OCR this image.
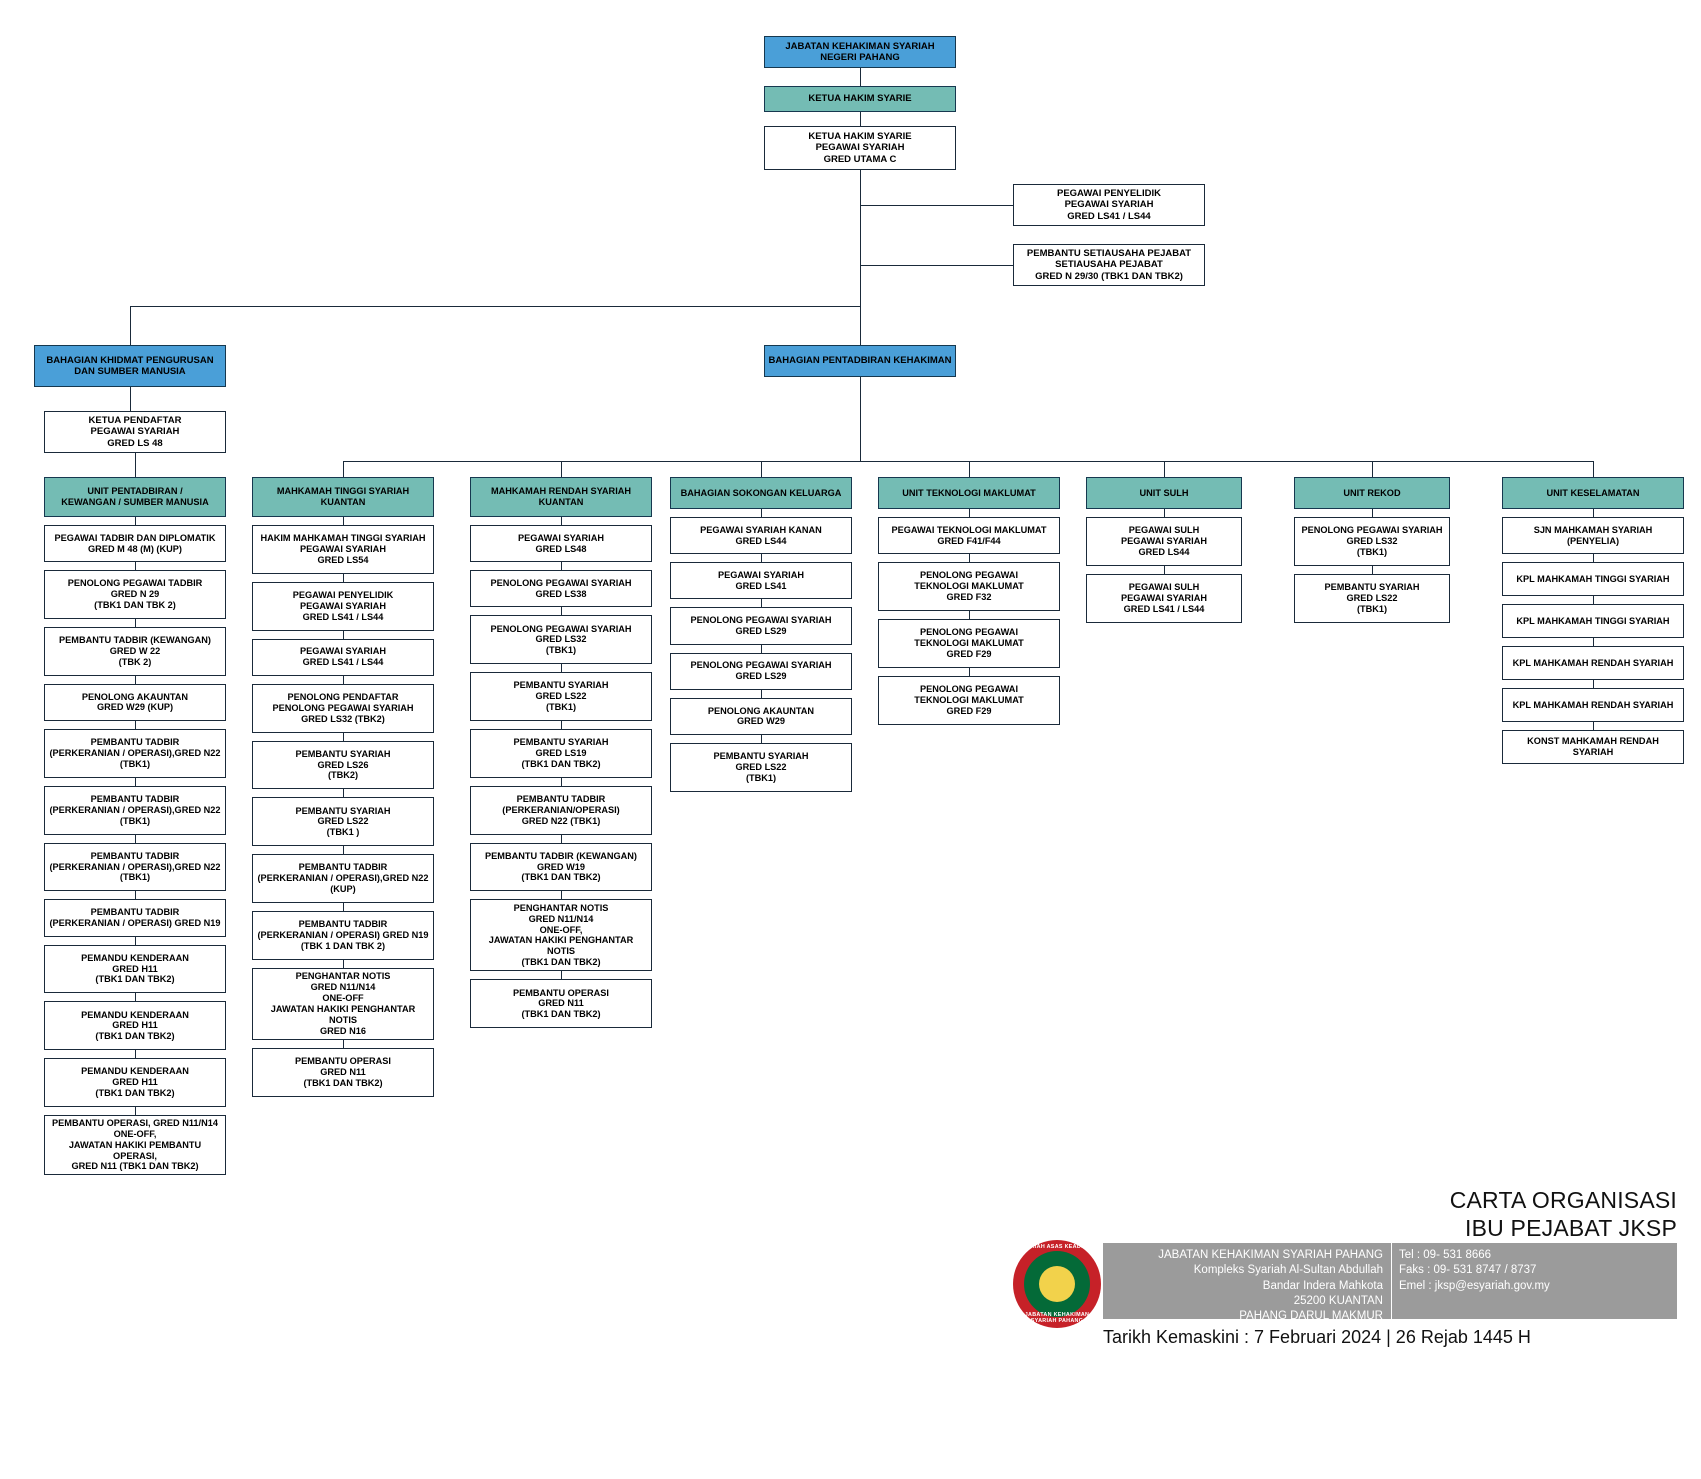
JABATAN KEHAKIMAN SYARIAH
NEGERI PAHANG
KETUA HAKIM SYARIE
KETUA HAKIM SYARIE
PEGAWAI SYARIAH
GRED UTAMA C
PEGAWAI PENYELIDIK
PEGAWAI SYARIAH
GRED LS41 / LS44
PEMBANTU SETIAUSAHA PEJABAT
SETIAUSAHA PEJABAT
GRED N 29/30 (TBK1 DAN TBK2)
BAHAGIAN KHIDMAT PENGURUSAN
DAN SUMBER MANUSIA
BAHAGIAN PENTADBIRAN KEHAKIMAN
KETUA PENDAFTAR
PEGAWAI SYARIAH
GRED LS 48
UNIT PENTADBIRAN /
KEWANGAN / SUMBER MANUSIA
PEGAWAI TADBIR DAN DIPLOMATIK
GRED M 48 (M) (KUP)
PENOLONG PEGAWAI TADBIR
GRED N 29
(TBK1 DAN TBK 2)
PEMBANTU TADBIR (KEWANGAN)
GRED W 22
(TBK 2)
PENOLONG AKAUNTAN
GRED W29 (KUP)
PEMBANTU TADBIR
(PERKERANIAN / OPERASI),GRED N22
(TBK1)
PEMBANTU TADBIR
(PERKERANIAN / OPERASI),GRED N22
(TBK1)
PEMBANTU TADBIR
(PERKERANIAN / OPERASI),GRED N22
(TBK1)
PEMBANTU TADBIR
(PERKERANIAN / OPERASI) GRED N19
PEMANDU KENDERAAN
GRED H11
(TBK1 DAN TBK2)
PEMANDU KENDERAAN
GRED H11
(TBK1 DAN TBK2)
PEMANDU KENDERAAN
GRED H11
(TBK1 DAN TBK2)
PEMBANTU OPERASI, GRED N11/N14
ONE-OFF,
JAWATAN HAKIKI PEMBANTU OPERASI,
GRED N11 (TBK1 DAN TBK2)
MAHKAMAH TINGGI SYARIAH
KUANTAN
HAKIM MAHKAMAH TINGGI SYARIAH
PEGAWAI SYARIAH
GRED LS54
PEGAWAI PENYELIDIK
PEGAWAI SYARIAH
GRED LS41 / LS44
PEGAWAI SYARIAH
GRED LS41 / LS44
PENOLONG PENDAFTAR
PENOLONG PEGAWAI SYARIAH
GRED LS32 (TBK2)
PEMBANTU SYARIAH
GRED LS26
(TBK2)
PEMBANTU SYARIAH
GRED LS22
(TBK1 )
PEMBANTU TADBIR
(PERKERANIAN / OPERASI),GRED N22
(KUP)
PEMBANTU TADBIR
(PERKERANIAN / OPERASI) GRED N19
(TBK 1 DAN TBK 2)
PENGHANTAR NOTIS
GRED N11/N14
ONE-OFF
JAWATAN HAKIKI PENGHANTAR NOTIS
GRED N16
PEMBANTU OPERASI
GRED N11
(TBK1 DAN TBK2)
MAHKAMAH RENDAH SYARIAH
KUANTAN
PEGAWAI SYARIAH
GRED LS48
PENOLONG PEGAWAI SYARIAH
GRED LS38
PENOLONG PEGAWAI SYARIAH
GRED LS32
(TBK1)
PEMBANTU SYARIAH
GRED LS22
(TBK1)
PEMBANTU SYARIAH
GRED LS19
(TBK1 DAN TBK2)
PEMBANTU TADBIR
(PERKERANIAN/OPERASI)
GRED N22 (TBK1)
PEMBANTU TADBIR (KEWANGAN)
GRED W19
(TBK1 DAN TBK2)
PENGHANTAR NOTIS
GRED N11/N14
ONE-OFF,
JAWATAN HAKIKI PENGHANTAR NOTIS
(TBK1 DAN TBK2)
PEMBANTU OPERASI
GRED N11
(TBK1 DAN TBK2)
BAHAGIAN SOKONGAN KELUARGA
PEGAWAI SYARIAH KANAN
GRED LS44
PEGAWAI SYARIAH
GRED LS41
PENOLONG PEGAWAI SYARIAH
GRED LS29
PENOLONG PEGAWAI SYARIAH
GRED LS29
PENOLONG AKAUNTAN
GRED W29
PEMBANTU SYARIAH
GRED LS22
(TBK1)
UNIT TEKNOLOGI MAKLUMAT
PEGAWAI TEKNOLOGI MAKLUMAT
GRED F41/F44
PENOLONG PEGAWAI
TEKNOLOGI MAKLUMAT
GRED F32
PENOLONG PEGAWAI
TEKNOLOGI MAKLUMAT
GRED F29
PENOLONG PEGAWAI
TEKNOLOGI MAKLUMAT
GRED F29
UNIT SULH
PEGAWAI SULH
PEGAWAI SYARIAH
GRED LS44
PEGAWAI SULH
PEGAWAI SYARIAH
GRED LS41 / LS44
UNIT REKOD
PENOLONG PEGAWAI SYARIAH
GRED LS32
(TBK1)
PEMBANTU SYARIAH
GRED LS22
(TBK1)
UNIT KESELAMATAN
SJN MAHKAMAH SYARIAH
(PENYELIA)
KPL MAHKAMAH TINGGI SYARIAH
KPL MAHKAMAH TINGGI SYARIAH
KPL MAHKAMAH RENDAH SYARIAH
KPL MAHKAMAH RENDAH SYARIAH
KONST MAHKAMAH RENDAH SYARIAH
CARTA ORGANISASI
IBU PEJABAT JKSP
SYARIAH ASAS KEADILAN
JABATAN KEHAKIMAN SYARIAH PAHANG
JABATAN KEHAKIMAN SYARIAH PAHANG
Kompleks Syariah Al-Sultan Abdullah
Bandar Indera Mahkota
25200 KUANTAN
PAHANG DARUL MAKMUR
Tel : 09- 531 8666
Faks : 09- 531 8747 / 8737
Emel : jksp@esyariah.gov.my
Tarikh Kemaskini : 7 Februari 2024 | 26 Rejab 1445 H
